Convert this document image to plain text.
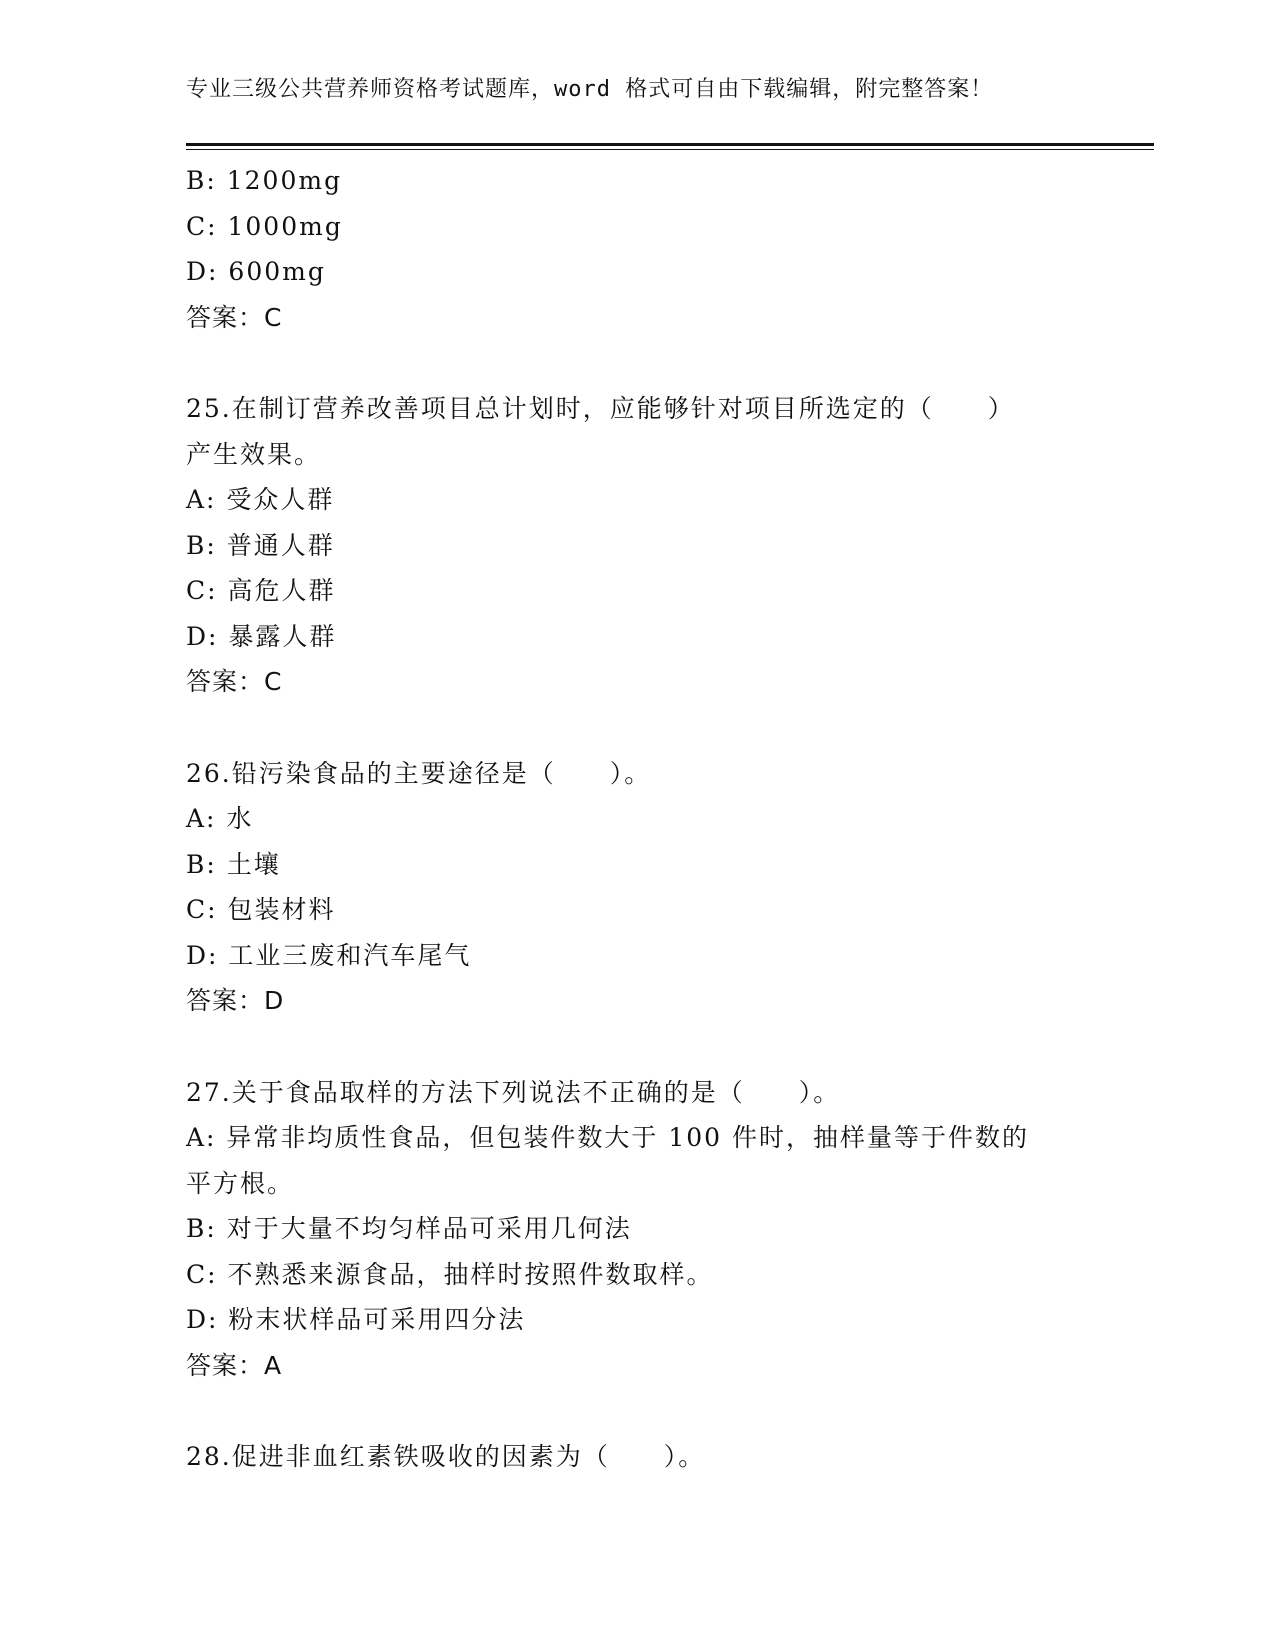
专业三级公共营养师资格考试题库，word 格式可自由下载编辑，附完整答案！
B: 1200mg
C: 1000mg
D: 600mg
答案：C
25.在制订营养改善项目总计划时，应能够针对项目所选定的（　　）
产生效果。
A: 受众人群
B: 普通人群
C: 高危人群
D: 暴露人群
答案：C
26.铅污染食品的主要途径是（　　）。
A: 水
B: 土壤
C: 包装材料
D: 工业三废和汽车尾气
答案：D
27.关于食品取样的方法下列说法不正确的是（　　）。
A: 异常非均质性食品，但包装件数大于 100 件时，抽样量等于件数的
平方根。
B: 对于大量不均匀样品可采用几何法
C: 不熟悉来源食品，抽样时按照件数取样。
D: 粉末状样品可采用四分法
答案：A
28.促进非血红素铁吸收的因素为（　　）。
